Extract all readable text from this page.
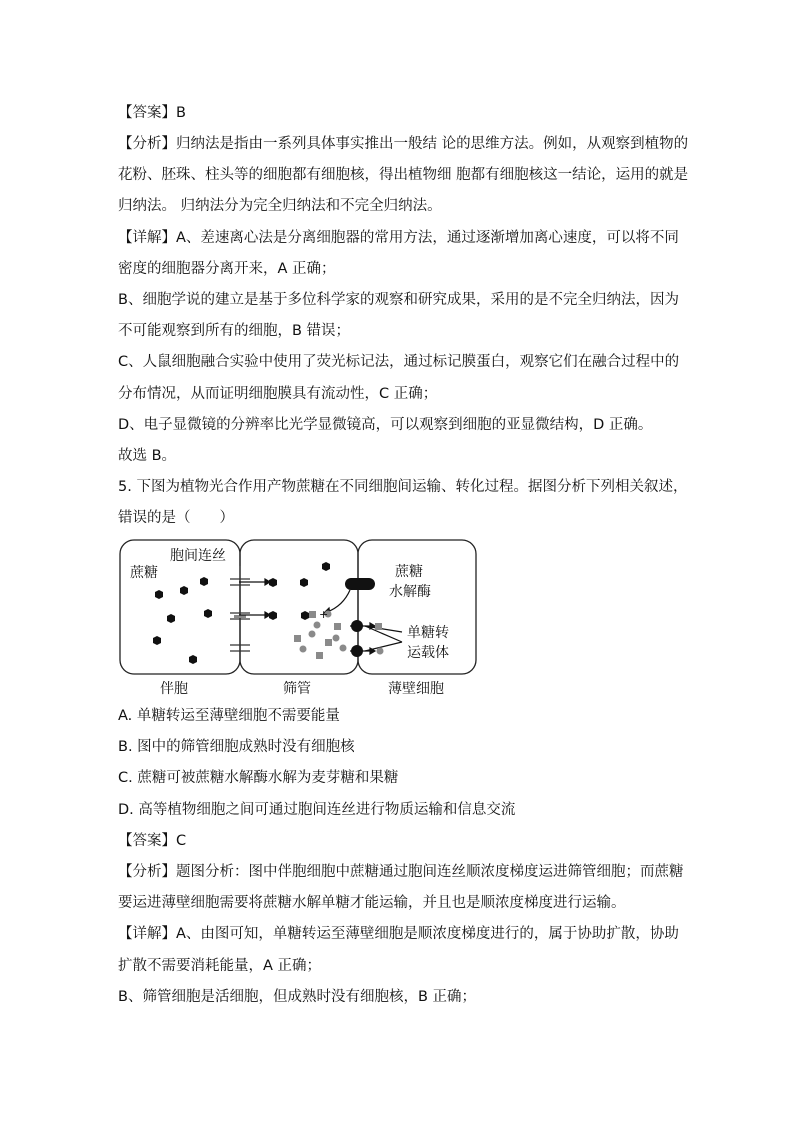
【答案】B
【分析】归纳法是指由一系列具体事实推出一般结 论的思维方法。例如，从观察到植物的
花粉、胚珠、柱头等的细胞都有细胞核，得出植物细 胞都有细胞核这一结论，运用的就是
归纳法。 归纳法分为完全归纳法和不完全归纳法。
【详解】A、差速离心法是分离细胞器的常用方法，通过逐渐增加离心速度，可以将不同
密度的细胞器分离开来，A 正确；
B、细胞学说的建立是基于多位科学家的观察和研究成果，采用的是不完全归纳法，因为
不可能观察到所有的细胞，B 错误；
C、人鼠细胞融合实验中使用了荧光标记法，通过标记膜蛋白，观察它们在融合过程中的
分布情况，从而证明细胞膜具有流动性，C 正确；
D、电子显微镜的分辨率比光学显微镜高，可以观察到细胞的亚显微结构，D 正确。
故选 B。
5. 下图为植物光合作用产物蔗糖在不同细胞间运输、转化过程。据图分析下列相关叙述，
错误的是（　　）
+
蔗糖
胞间连丝
蔗糖
水解酶
单糖转
运载体
伴胞	筛管	薄壁细胞
A. 单糖转运至薄壁细胞不需要能量
B. 图中的筛管细胞成熟时没有细胞核
C. 蔗糖可被蔗糖水解酶水解为麦芽糖和果糖
D. 高等植物细胞之间可通过胞间连丝进行物质运输和信息交流
【答案】C
【分析】题图分析：图中伴胞细胞中蔗糖通过胞间连丝顺浓度梯度运进筛管细胞；而蔗糖
要运进薄壁细胞需要将蔗糖水解单糖才能运输，并且也是顺浓度梯度进行运输。
【详解】A、由图可知，单糖转运至薄壁细胞是顺浓度梯度进行的，属于协助扩散，协助
扩散不需要消耗能量，A 正确；
B、筛管细胞是活细胞，但成熟时没有细胞核，B 正确；
